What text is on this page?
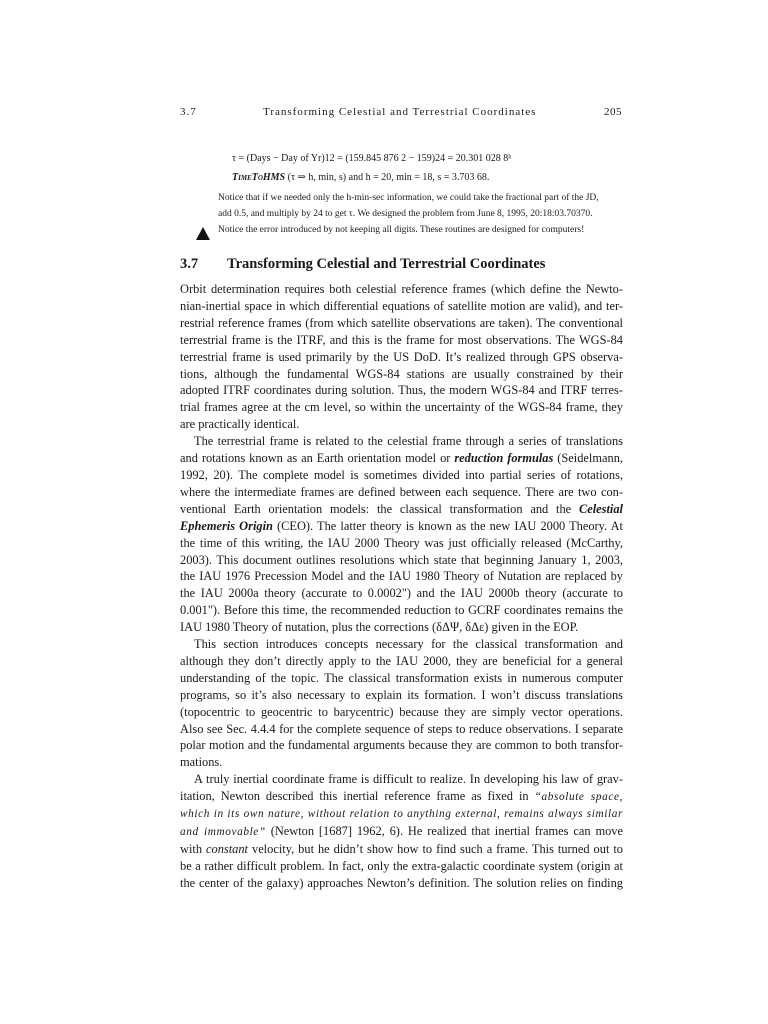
3.7	Transforming Celestial and Terrestrial Coordinates	205
τ = (Days − Day of Yr)12 = (159.845 876 2 − 159)24 = 20.301 028 8ʰ
TimeToHMS (τ ⇒ h, min, s) and h = 20, min = 18, s = 3.703 68.

Notice that if we needed only the h-min-sec information, we could take the fractional part of the JD,

add 0.5, and multiply by 24 to get τ. We designed the problem from June 8, 1995, 20:18:03.70370.

Notice the error introduced by not keeping all digits. These routines are designed for computers!

3.7 Transforming Celestial and Terrestrial Coordinates

Orbit determination requires both celestial reference frames (which define the Newto-
nian-inertial space in which differential equations of satellite motion are valid), and ter-
restrial reference frames (from which satellite observations are taken). The conventional
terrestrial frame is the ITRF, and this is the frame for most observations. The WGS-84
terrestrial frame is used primarily by the US DoD. It’s realized through GPS observa-
tions, although the fundamental WGS-84 stations are usually constrained by their
adopted ITRF coordinates during solution. Thus, the modern WGS-84 and ITRF terres-
trial frames agree at the cm level, so within the uncertainty of the WGS-84 frame, they
are practically identical.

The terrestrial frame is related to the celestial frame through a series of translations
and rotations known as an Earth orientation model or reduction formulas (Seidelmann,
1992, 20). The complete model is sometimes divided into partial series of rotations,
where the intermediate frames are defined between each sequence. There are two con-
ventional Earth orientation models: the classical transformation and the Celestial
Ephemeris Origin (CEO). The latter theory is known as the new IAU 2000 Theory. At
the time of this writing, the IAU 2000 Theory was just officially released (McCarthy,
2003). This document outlines resolutions which state that beginning January 1, 2003,
the IAU 1976 Precession Model and the IAU 1980 Theory of Nutation are replaced by
the IAU 2000a theory (accurate to 0.0002") and the IAU 2000b theory (accurate to
0.001"). Before this time, the recommended reduction to GCRF coordinates remains the
IAU 1980 Theory of nutation, plus the corrections (δΔΨ, δΔε) given in the EOP.

This section introduces concepts necessary for the classical transformation and
although they don’t directly apply to the IAU 2000, they are beneficial for a general
understanding of the topic. The classical transformation exists in numerous computer
programs, so it’s also necessary to explain its formation. I won’t discuss translations
(topocentric to geocentric to barycentric) because they are simply vector operations.
Also see Sec. 4.4.4 for the complete sequence of steps to reduce observations. I separate
polar motion and the fundamental arguments because they are common to both transfor-
mations.

A truly inertial coordinate frame is difficult to realize. In developing his law of grav-
itation, Newton described this inertial reference frame as fixed in “absolute space,
which in its own nature, without relation to anything external, remains always similar
and immovable” (Newton [1687] 1962, 6). He realized that inertial frames can move
with constant velocity, but he didn’t show how to find such a frame. This turned out to
be a rather difficult problem. In fact, only the extra-galactic coordinate system (origin at
the center of the galaxy) approaches Newton’s definition. The solution relies on finding
